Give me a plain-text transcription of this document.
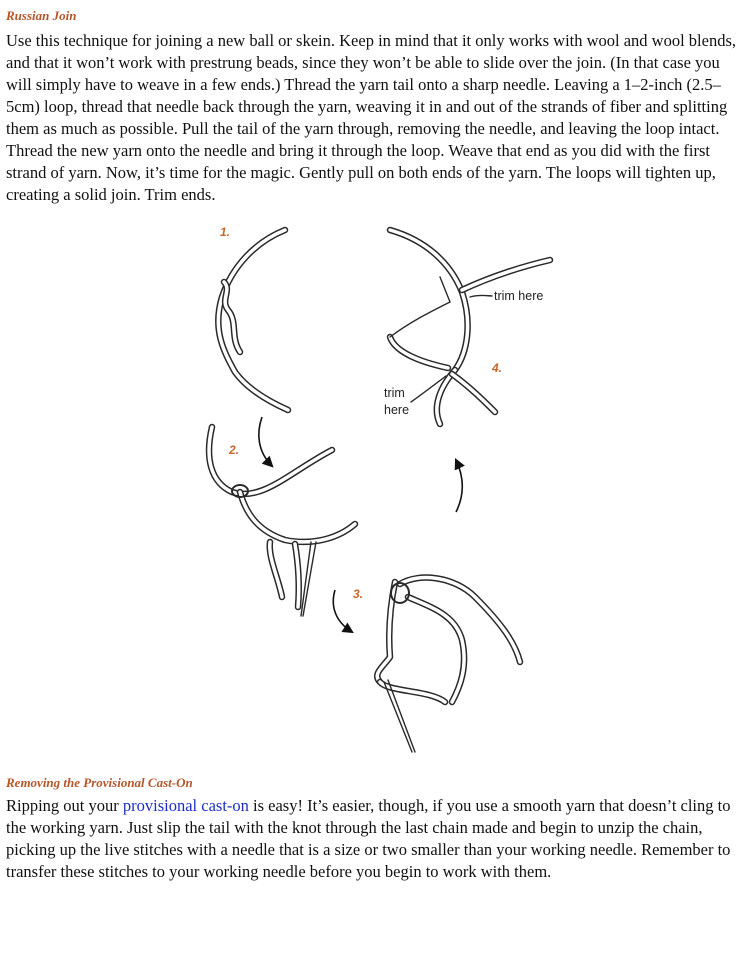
Russian Join

Use this technique for joining a new ball or skein. Keep in mind that it only works with wool and wool blends, and that it won’t work with prestrung beads, since they won’t be able to slide over the join. (In that case you will simply have to weave in a few ends.) Thread the yarn tail onto a sharp needle. Leaving a 1–2-inch (2.5–5cm) loop, thread that needle back through the yarn, weaving it in and out of the strands of fiber and splitting them as much as possible. Pull the tail of the yarn through, removing the needle, and leaving the loop intact. Thread the new yarn onto the needle and bring it through the loop. Weave that end as you did with the first strand of yarn. Now, it’s time for the magic. Gently pull on both ends of the yarn. The loops will tighten up, creating a solid join. Trim ends.

1.
2.
3.
4.
trim here
trim
here
Removing the Provisional Cast-On

Ripping out your provisional cast-on is easy! It’s easier, though, if you use a smooth yarn that doesn’t cling to the working yarn. Just slip the tail with the knot through the last chain made and begin to unzip the chain, picking up the live stitches with a needle that is a size or two smaller than your working needle. Remember to transfer these stitches to your working needle before you begin to work with them.
